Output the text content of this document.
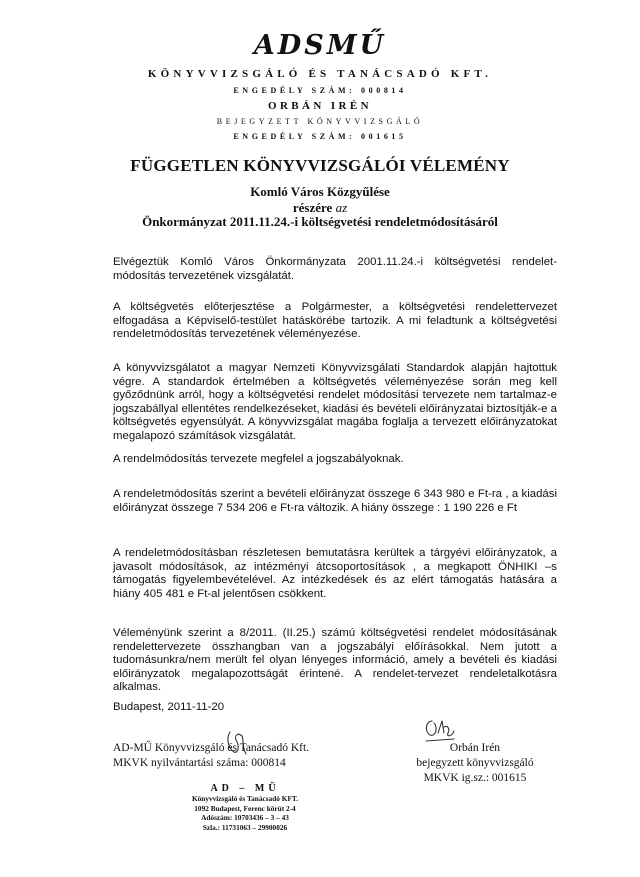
ADSMŰ
KÖNYVVIZSGÁLÓ ÉS TANÁCSADÓ KFT.
ENGEDÉLY SZÁM: 000814
ORBÁN IRÉN
BEJEGYZETT KÖNYVVIZSGÁLÓ
ENGEDÉLY SZÁM: 001615
FÜGGETLEN KÖNYVVIZSGÁLÓI VÉLEMÉNY
Komló Város Közgyűlése
részére az
Önkormányzat 2011.11.24.-i költségvetési rendeletmódosításáról
Elvégeztük Komló Város Önkormányzata 2001.11.24.-i költségvetési rendelet-módosítás tervezetének vizsgálatát.
A költségvetés előterjesztése a Polgármester, a költségvetési rendelettervezet elfogadása a Képviselő-testület hatáskörébe tartozik. A mi feladtunk a költségvetési rendeletmódosítás tervezetének véleményezése.
A könyvvizsgálatot a magyar Nemzeti Könyvvizsgálati Standardok alapján hajtottuk végre. A standardok értelmében a költségvetés véleményezése során meg kell győződnünk arról, hogy a költségvetési rendelet módosítási tervezete nem tartalmaz-e jogszabállyal ellentétes rendelkezéseket, kiadási és bevételi előirányzatai biztosítják-e a költségvetés egyensúlyát. A könyvvizsgálat magába foglalja a tervezett előirányzatokat megalapozó számítások vizsgálatát.
A rendelmódosítás tervezete megfelel a jogszabályoknak.
A rendeletmódosítás szerint a bevételi előirányzat összege 6 343 980 e Ft-ra , a kiadási előirányzat összege 7 534 206 e Ft-ra változik. A hiány összege : 1 190 226 e Ft
A rendeletmódosításban részletesen bemutatásra kerültek a tárgyévi előirányzatok, a javasolt módosítások, az intézményi átcsoportosítások , a megkapott ÖNHIKI –s támogatás figyelembevételével. Az intézkedések és az elért támogatás hatására a hiány 405 481 e Ft-al jelentősen csökkent.
Véleményünk szerint a 8/2011. (II.25.) számú költségvetési rendelet módosításának rendelettervezete összhangban van a jogszabályi előírásokkal. Nem jutott a tudomásunkra/nem merült fel olyan lényeges információ, amely a bevételi és kiadási előirányzatok megalapozottságát érintené. A rendelet-tervezet rendeletalkotásra alkalmas.
Budapest, 2011-11-20
AD-MŰ Könyvvizsgáló és Tanácsadó Kft.
MKVK nyilvántartási száma: 000814
Orbán Irén
bejegyzett könyvvizsgáló
MKVK ig.sz.: 001615
AD – MŰ
Könyvvizsgáló és Tanácsadó KFT.
1092 Budapest, Ferenc körút 2-4
Adószám: 10703436 – 3 – 43
Szla.: 11731063 – 29900026
